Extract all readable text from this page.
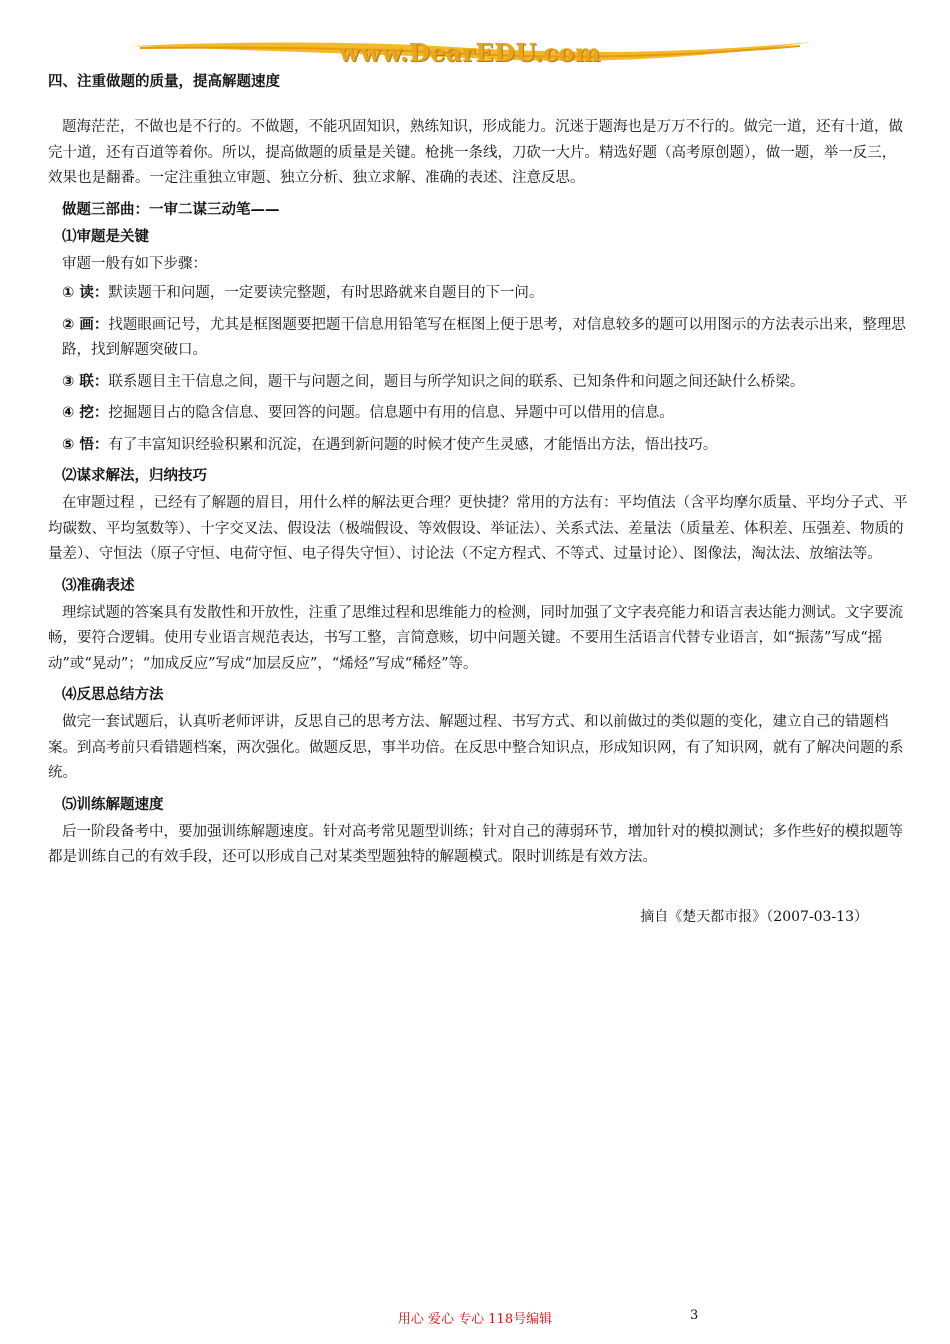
www.DearEDU.com
四、注重做题的质量，提高解题速度

题海茫茫，不做也是不行的。不做题，不能巩固知识，熟练知识，形成能力。沉迷于题海也是万万不行的。做完一道，还有十道，做完十道，还有百道等着你。所以，提高做题的质量是关键。枪挑一条线，刀砍一大片。精选好题（高考原创题），做一题，举一反三，效果也是翻番。一定注重独立审题、独立分析、独立求解、准确的表述、注意反思。

做题三部曲：一审二谋三动笔——
⑴审题是关键

审题一般有如下步骤：

① 读：默读题干和问题，一定要读完整题，有时思路就来自题目的下一问。

② 画：找题眼画记号，尤其是框图题要把题干信息用铅笔写在框图上便于思考，对信息较多的题可以用图示的方法表示出来，整理思路，找到解题突破口。

③ 联：联系题目主干信息之间，题干与问题之间，题目与所学知识之间的联系、已知条件和问题之间还缺什么桥梁。

④ 挖：挖掘题目占的隐含信息、要回答的问题。信息题中有用的信息、异题中可以借用的信息。

⑤ 悟：有了丰富知识经验积累和沉淀，在遇到新问题的时候才使产生灵感，才能悟出方法，悟出技巧。

⑵谋求解法，归纳技巧

在审题过程 ，已经有了解题的眉目，用什么样的解法更合理？更快捷？常用的方法有：平均值法（含平均摩尔质量、平均分子式、平均碳数、平均氢数等）、十字交叉法、假设法（极端假设、等效假设、举证法）、关系式法、差量法（质量差、体积差、压强差、物质的量差）、守恒法（原子守恒、电荷守恒、电子得失守恒）、讨论法（不定方程式、不等式、过量讨论）、图像法，淘汰法、放缩法等。

⑶准确表述

理综试题的答案具有发散性和开放性，注重了思维过程和思维能力的检测，同时加强了文字表亮能力和语言表达能力测试。文字要流畅，要符合逻辑。使用专业语言规范表达，书写工整，言简意赅，切中问题关键。不要用生活语言代替专业语言，如“振荡”写成“摇动”或“晃动”；“加成反应”写成“加层反应”，“烯烃”写成“稀烃”等。

⑷反思总结方法

做完一套试题后，认真听老师评讲，反思自己的思考方法、解题过程、书写方式、和以前做过的类似题的变化，建立自己的错题档案。到高考前只看错题档案，两次强化。做题反思，事半功倍。在反思中整合知识点，形成知识网，有了知识网，就有了解决问题的系统。

⑸训练解题速度

后一阶段备考中，要加强训练解题速度。针对高考常见题型训练；针对自己的薄弱环节，增加针对的模拟测试；多作些好的模拟题等都是训练自己的有效手段，还可以形成自己对某类型题独特的解题模式。限时训练是有效方法。

摘自《楚天都市报》（2007-03-13）

用心 爱心 专心 118号编辑	3
